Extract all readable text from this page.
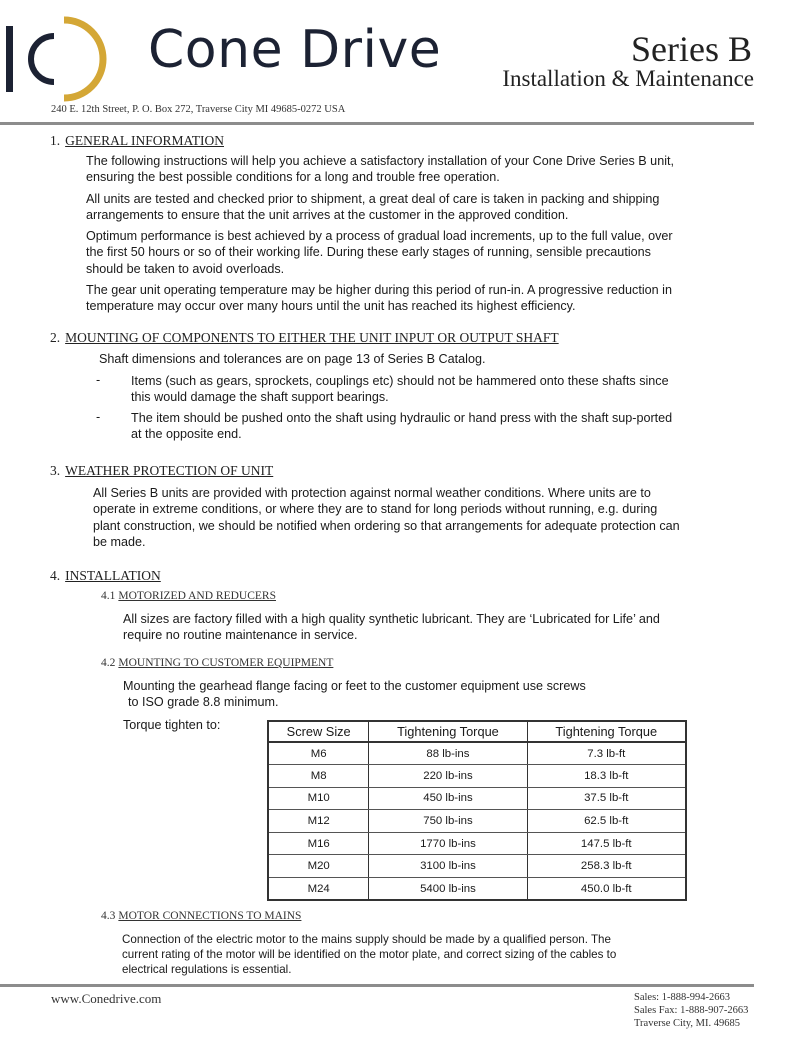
Cone Drive	Series B
Installation & Maintenance
240 E. 12th Street, P. O. Box 272, Traverse City MI 49685-0272 USA
1. GENERAL INFORMATION
The following instructions will help you achieve a satisfactory installation of your Cone Drive Series B unit, ensuring the best possible conditions for a long and trouble free operation.
All units are tested and checked prior to shipment, a great deal of care is taken in packing and shipping arrangements to ensure that the unit arrives at the customer in the approved condition.
Optimum performance is best achieved by a process of gradual load increments, up to the full value, over the first 50 hours or so of their working life. During these early stages of running, sensible precautions should be taken to avoid overloads.
The gear unit operating temperature may be higher during this period of run-in. A progressive reduction in temperature may occur over many hours until the unit has reached its highest efficiency.
2. MOUNTING OF COMPONENTS TO EITHER THE UNIT INPUT OR OUTPUT SHAFT
Shaft dimensions and tolerances are on page 13 of Series B Catalog.
- Items (such as gears, sprockets, couplings etc) should not be hammered onto these shafts since this would damage the shaft support bearings.
- The item should be pushed onto the shaft using hydraulic or hand press with the shaft sup-ported at the opposite end.
3. WEATHER PROTECTION OF UNIT
All Series B units are provided with protection against normal weather conditions. Where units are to operate in extreme conditions, or where they are to stand for long periods without running, e.g. during plant construction, we should be notified when ordering so that arrangements for adequate protection can be made.
4. INSTALLATION
4.1 MOTORIZED AND REDUCERS
All sizes are factory filled with a high quality synthetic lubricant. They are ‘Lubricated for Life’ and require no routine maintenance in service.
4.2 MOUNTING TO CUSTOMER EQUIPMENT
Mounting the gearhead flange facing or feet to the customer equipment use screws
to ISO grade 8.8 minimum.
Torque tighten to:	Screw Size	Tightening Torque	Tightening Torque
M6	88 lb-ins	7.3 lb-ft
M8	220 lb-ins	18.3 lb-ft
M10	450 lb-ins	37.5 lb-ft
M12	750 lb-ins	62.5 lb-ft
M16	1770 lb-ins	147.5 lb-ft
M20	3100 lb-ins	258.3 lb-ft
M24	5400 lb-ins	450.0 lb-ft
4.3 MOTOR CONNECTIONS TO MAINS
Connection of the electric motor to the mains supply should be made by a qualified person. The current rating of the motor will be identified on the motor plate, and correct sizing of the cables to electrical regulations is essential.
www.Conedrive.com	Sales: 1-888-994-2663
Sales Fax: 1-888-907-2663
Traverse City, MI. 49685
